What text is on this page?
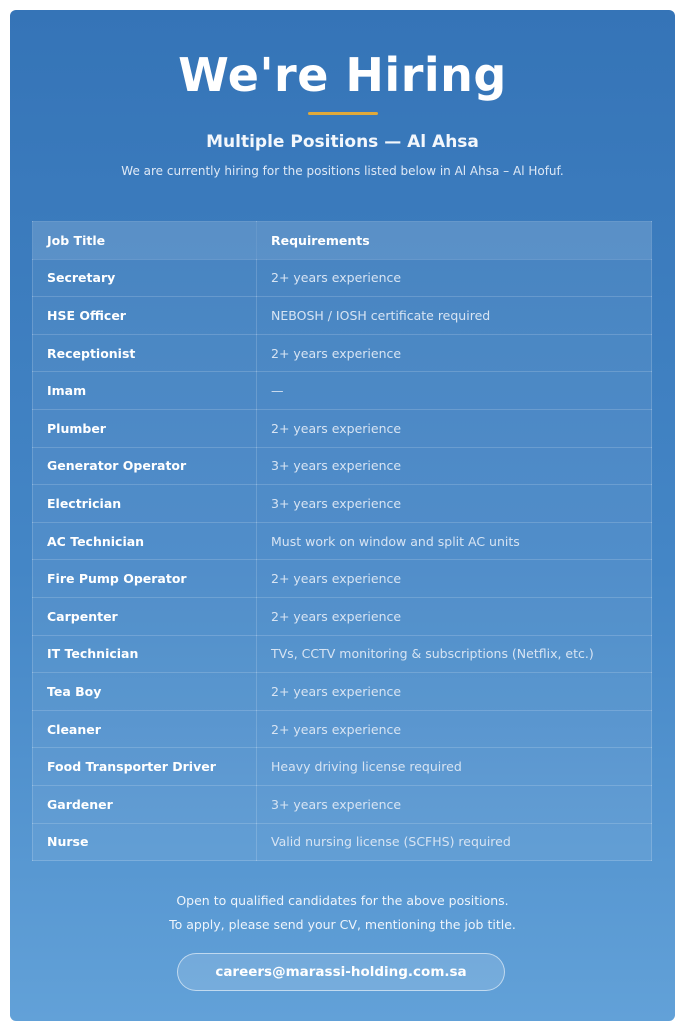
We're Hiring
Multiple Positions — Al Ahsa

We are currently hiring for the positions listed below in Al Ahsa – Al Hofuf.

Job Title	Requirements
Secretary	2+ years experience
HSE Officer	NEBOSH / IOSH certificate required
Receptionist	2+ years experience
Imam	—
Plumber	2+ years experience
Generator Operator	3+ years experience
Electrician	3+ years experience
AC Technician	Must work on window and split AC units
Fire Pump Operator	2+ years experience
Carpenter	2+ years experience
IT Technician	TVs, CCTV monitoring & subscriptions (Netflix, etc.)
Tea Boy	2+ years experience
Cleaner	2+ years experience
Food Transporter Driver	Heavy driving license required
Gardener	3+ years experience
Nurse	Valid nursing license (SCFHS) required

Open to qualified candidates for the above positions.

To apply, please send your CV, mentioning the job title.

careers@marassi-holding.com.sa
